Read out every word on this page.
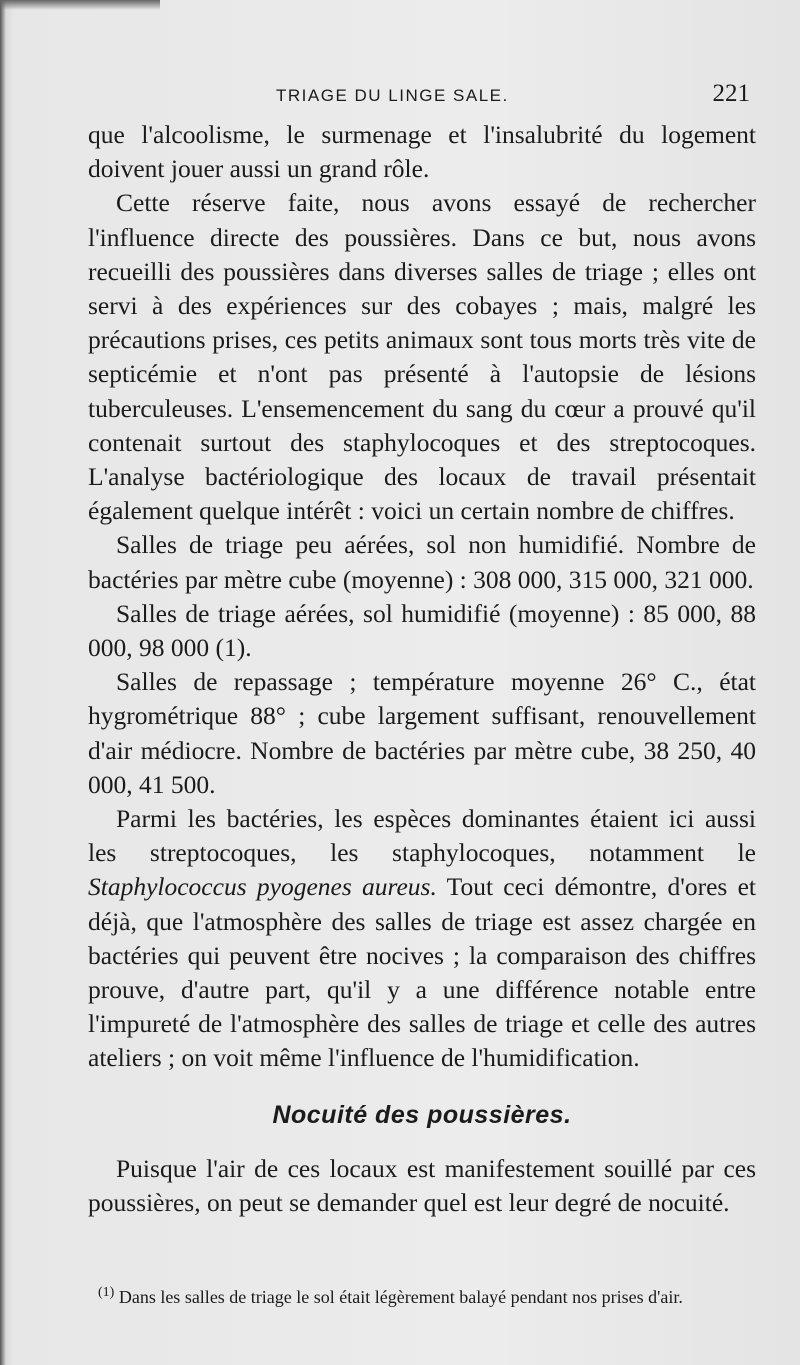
TRIAGE DU LINGE SALE.	221

que l'alcoolisme, le surmenage et l'insalubrité du logement doivent jouer aussi un grand rôle.

Cette réserve faite, nous avons essayé de rechercher l'influence directe des poussières. Dans ce but, nous avons recueilli des poussières dans diverses salles de triage ; elles ont servi à des expériences sur des cobayes ; mais, malgré les précautions prises, ces petits animaux sont tous morts très vite de septicémie et n'ont pas présenté à l'autopsie de lésions tuberculeuses. L'ensemencement du sang du cœur a prouvé qu'il contenait surtout des staphylocoques et des streptocoques. L'analyse bactériologique des locaux de travail présentait également quelque intérêt : voici un certain nombre de chiffres.

Salles de triage peu aérées, sol non humidifié. Nombre de bactéries par mètre cube (moyenne) : 308 000, 315 000, 321 000.

Salles de triage aérées, sol humidifié (moyenne) : 85 000, 88 000, 98 000 (1).

Salles de repassage ; température moyenne 26° C., état hygrométrique 88° ; cube largement suffisant, renouvellement d'air médiocre. Nombre de bactéries par mètre cube, 38 250, 40 000, 41 500.

Parmi les bactéries, les espèces dominantes étaient ici aussi les streptocoques, les staphylocoques, notamment le Staphylococcus pyogenes aureus. Tout ceci démontre, d'ores et déjà, que l'atmosphère des salles de triage est assez chargée en bactéries qui peuvent être nocives ; la comparaison des chiffres prouve, d'autre part, qu'il y a une différence notable entre l'impureté de l'atmosphère des salles de triage et celle des autres ateliers ; on voit même l'influence de l'humidification.

Nocuité des poussières.

Puisque l'air de ces locaux est manifestement souillé par ces poussières, on peut se demander quel est leur degré de nocuité.

$^{(1)}$ Dans les salles de triage le sol était légèrement balayé pendant nos prises d'air.
